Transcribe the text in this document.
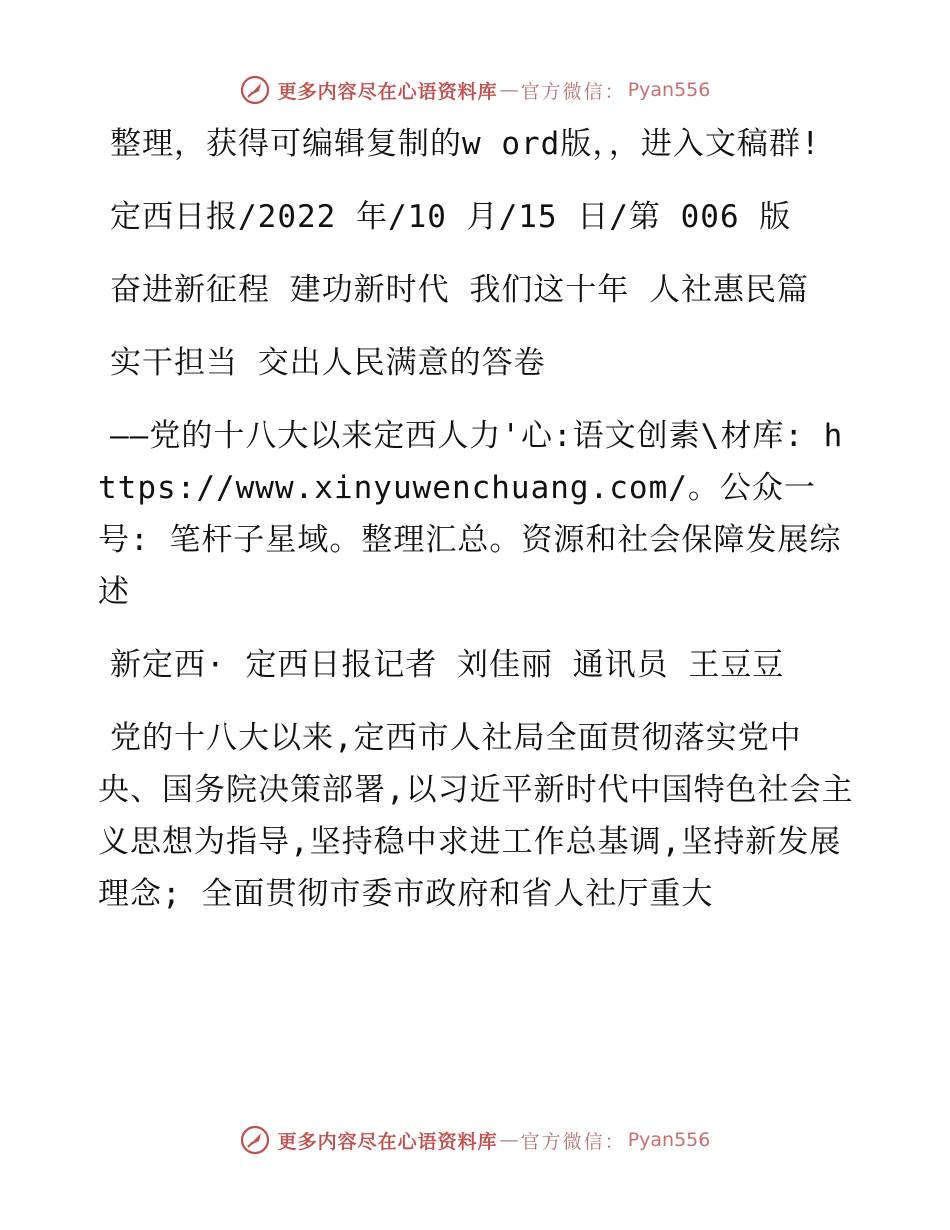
更多内容尽在心语资料库 — 官方微信： Pyan556

整理，获得可编辑复制的w ord版，，进入文稿群!

定西日报/2022 年/10 月/15 日/第 006 版

奋进新征程 建功新时代 我们这十年 人社惠民篇

实干担当 交出人民满意的答卷

——党的十八大以来定西人力'心:语文创素\材库: https://www.xinyuwenchuang.com/。公众一号: 笔杆子星域。整理汇总。资源和社会保障发展综述

新定西· 定西日报记者 刘佳丽 通讯员 王豆豆

党的十八大以来,定西市人社局全面贯彻落实党中央、国务院决策部署,以习近平新时代中国特色社会主义思想为指导,坚持稳中求进工作总基调,坚持新发展理念; 全面贯彻市委市政府和省人社厅重大

更多内容尽在心语资料库 — 官方微信： Pyan556
